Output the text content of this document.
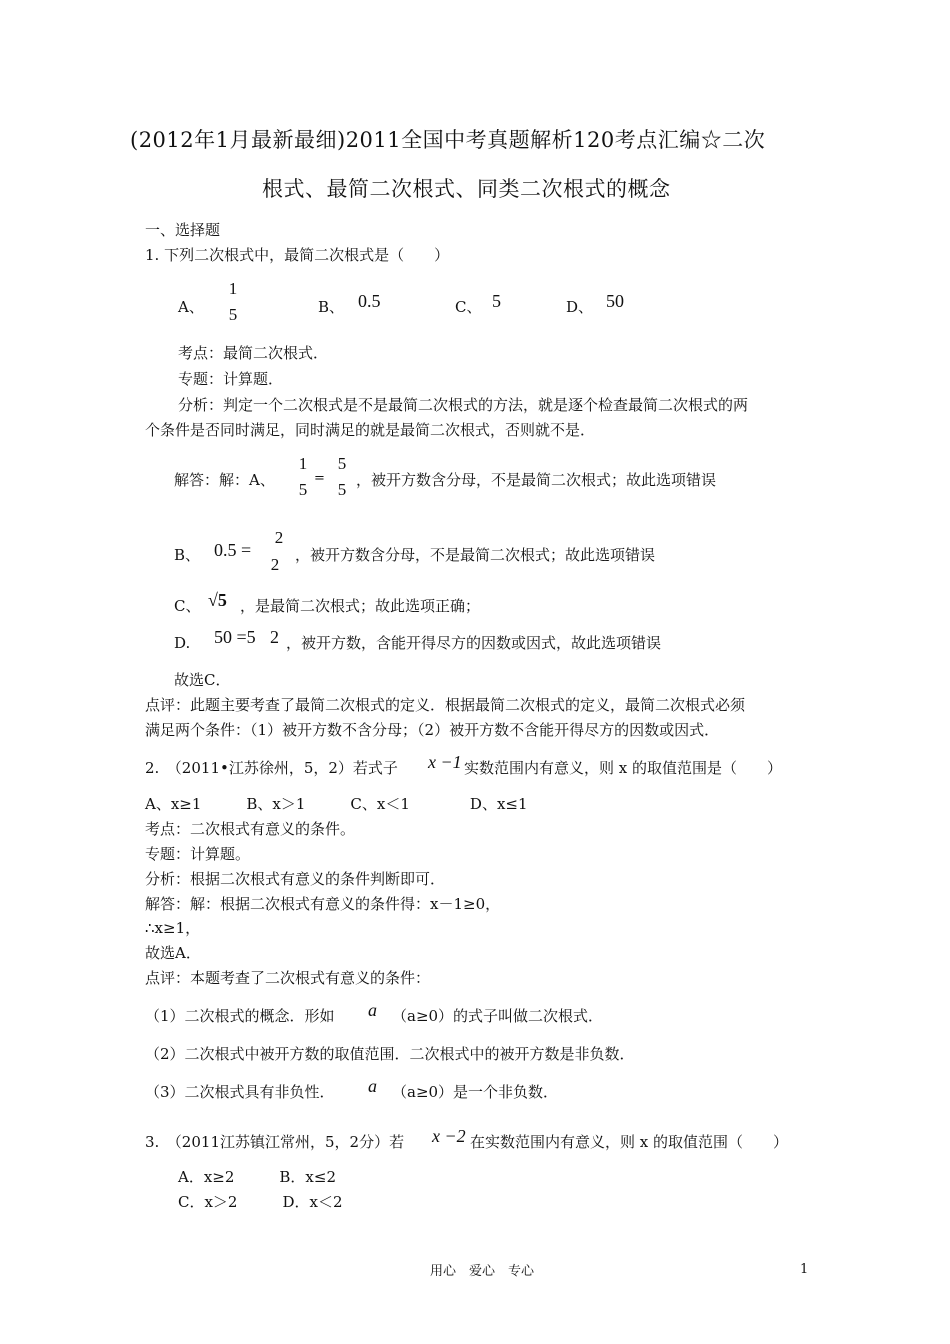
(2012年1月最新最细)2011全国中考真题解析120考点汇编☆二次
根式、最简二次根式、同类二次根式的概念
一、选择题
1. 下列二次根式中，最简二次根式是（　　）
A、
1
5	B、 0.5	C、 5	D、 50
考点：最简二次根式．
专题：计算题．
分析：判定一个二次根式是不是最简二次根式的方法，就是逐个检查最简二次根式的两
个条件是否同时满足，同时满足的就是最简二次根式，否则就不是．
解答：解：A、
1
5
=
5
5 ，被开方数含分母，不是最简二次根式；故此选项错误
B、 0.5 =
2
2 ，被开方数含分母，不是最简二次根式；故此选项错误
C、 √5 ，是最简二次根式；故此选项正确；
D. 50 =5 2 ，被开方数，含能开得尽方的因数或因式，故此选项错误
故选C．
点评：此题主要考查了最简二次根式的定义．根据最简二次根式的定义，最简二次根式必须
满足两个条件：（1）被开方数不含分母；（2）被开方数不含能开得尽方的因数或因式．
2.　（2011•江苏徐州，5，2）若式子 x −1 实数范围内有意义，则 x 的取值范围是（　　）
A、x≥1　　　B、x＞1　　　C、x＜1　　　　D、x≤1
考点：二次根式有意义的条件。
专题：计算题。
分析：根据二次根式有意义的条件判断即可．
解答：解：根据二次根式有意义的条件得：x－1≥0，
∴x≥1，
故选A．
点评：本题考查了二次根式有意义的条件：
（1）二次根式的概念．形如 a （a≥0）的式子叫做二次根式．
（2）二次根式中被开方数的取值范围．二次根式中的被开方数是非负数．
（3）二次根式具有非负性． a （a≥0）是一个非负数．
3.　（2011江苏镇江常州，5，2分）若 x −2 在实数范围内有意义，则 x 的取值范围（　　）
A．x≥2　　　B．x≤2
C．x＞2　　　D．x＜2
用心　爱心　专心	1
